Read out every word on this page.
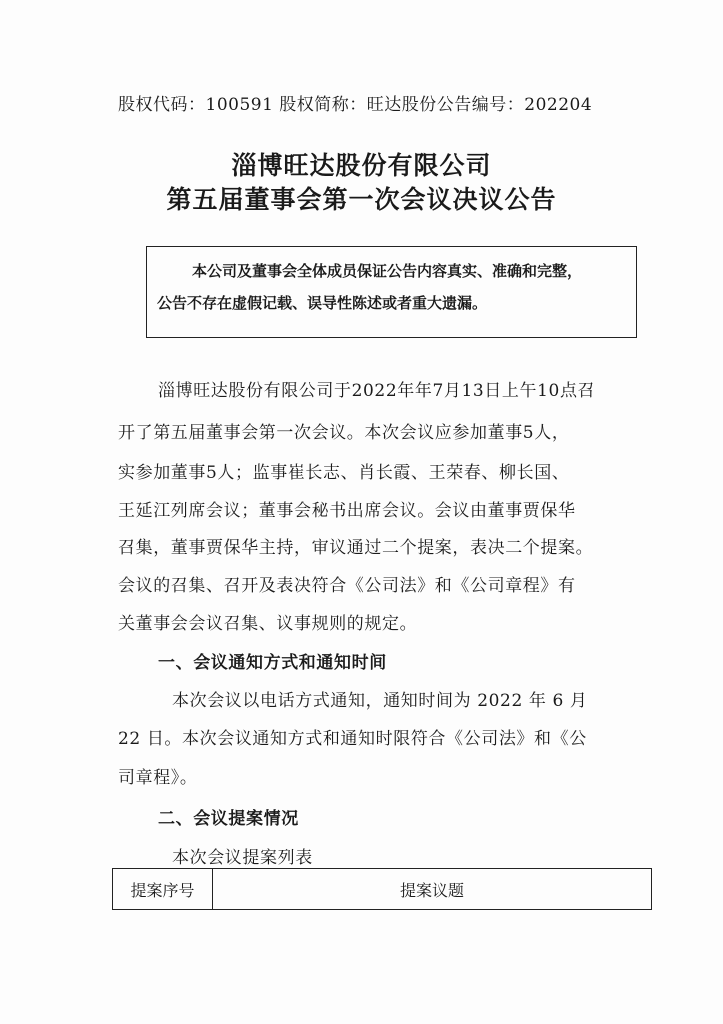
股权代码：100591 股权简称：旺达股份公告编号：202204
淄博旺达股份有限公司
第五届董事会第一次会议决议公告
本公司及董事会全体成员保证公告内容真实、准确和完整，
公告不存在虚假记载、误导性陈述或者重大遗漏。
淄博旺达股份有限公司于2022年年7月13日上午10点召
开了第五届董事会第一次会议。本次会议应参加董事5人，
实参加董事5人；监事崔长志、肖长霞、王荣春、柳长国、
王延江列席会议；董事会秘书出席会议。会议由董事贾保华
召集，董事贾保华主持，审议通过二个提案，表决二个提案。
会议的召集、召开及表决符合《公司法》和《公司章程》有
关董事会会议召集、议事规则的规定。
一、会议通知方式和通知时间
本次会议以电话方式通知，通知时间为 2022 年 6 月
22 日。本次会议通知方式和通知时限符合《公司法》和《公
司章程》。
二、会议提案情况
本次会议提案列表
提案序号	提案议题
